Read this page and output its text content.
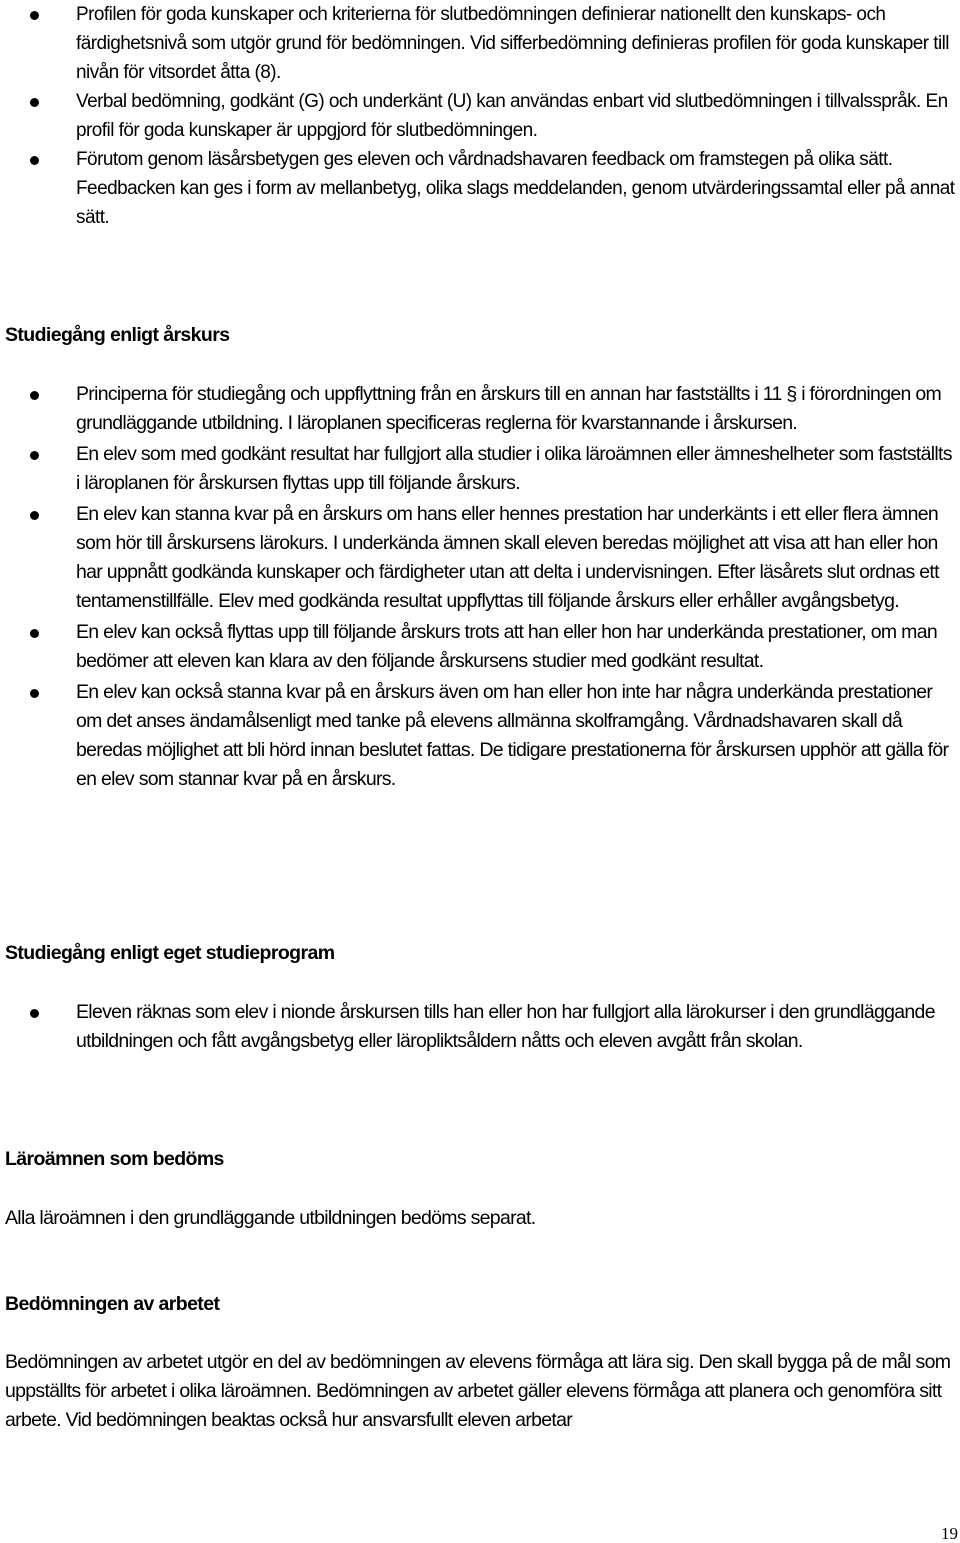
Profilen för goda kunskaper och kriterierna för slutbedömningen definierar nationellt den kunskaps- och färdighetsnivå som utgör grund för bedömningen. Vid sifferbedömning definieras profilen för goda kunskaper till nivån för vitsordet åtta (8).
Verbal bedömning, godkänt (G) och underkänt (U) kan användas enbart vid slutbedömningen i tillvalsspråk. En profil för goda kunskaper är uppgjord för slutbedömningen.
Förutom genom läsårsbetygen ges eleven och vårdnadshavaren feedback om framstegen på olika sätt. Feedbacken kan ges i form av mellanbetyg, olika slags meddelanden, genom utvärderingssamtal eller på annat sätt.
Studiegång enligt årskurs
Principerna för studiegång och uppflyttning från en årskurs till en annan har fastställts i 11 § i förordningen om grundläggande utbildning. I läroplanen specificeras reglerna för kvarstannande i årskursen.
En elev som med godkänt resultat har fullgjort alla studier i olika läroämnen eller ämneshelheter som fastställts i läroplanen för årskursen flyttas upp till följande årskurs.
En elev kan stanna kvar på en årskurs om hans eller hennes prestation har underkänts i ett eller flera ämnen som hör till årskursens lärokurs. I underkända ämnen skall eleven beredas möjlighet att visa att han eller hon har uppnått godkända kunskaper och färdigheter utan att delta i undervisningen. Efter läsårets slut ordnas ett tentamenstillfälle. Elev med godkända resultat uppflyttas till följande årskurs eller erhåller avgångsbetyg.
En elev kan också flyttas upp till följande årskurs trots att han eller hon har underkända prestationer, om man bedömer att eleven kan klara av den följande årskursens studier med godkänt resultat.
En elev kan också stanna kvar på en årskurs även om han eller hon inte har några underkända prestationer om det anses ändamålsenligt med tanke på elevens allmänna skolframgång. Vårdnadshavaren skall då beredas möjlighet att bli hörd innan beslutet fattas. De tidigare prestationerna för årskursen upphör att gälla för en elev som stannar kvar på en årskurs.
Studiegång enligt eget studieprogram
Eleven räknas som elev i nionde årskursen tills han eller hon har fullgjort alla lärokurser i den grundläggande utbildningen och fått avgångsbetyg eller läropliktsåldern nåtts och eleven avgått från skolan.
Läroämnen som bedöms

Alla läroämnen i den grundläggande utbildningen bedöms separat.

Bedömningen av arbetet

Bedömningen av arbetet utgör en del av bedömningen av elevens förmåga att lära sig. Den skall bygga på de mål som uppställts för arbetet i olika läroämnen. Bedömningen av arbetet gäller elevens förmåga att planera och genomföra sitt arbete. Vid bedömningen beaktas också hur ansvarsfullt eleven arbetar

19
